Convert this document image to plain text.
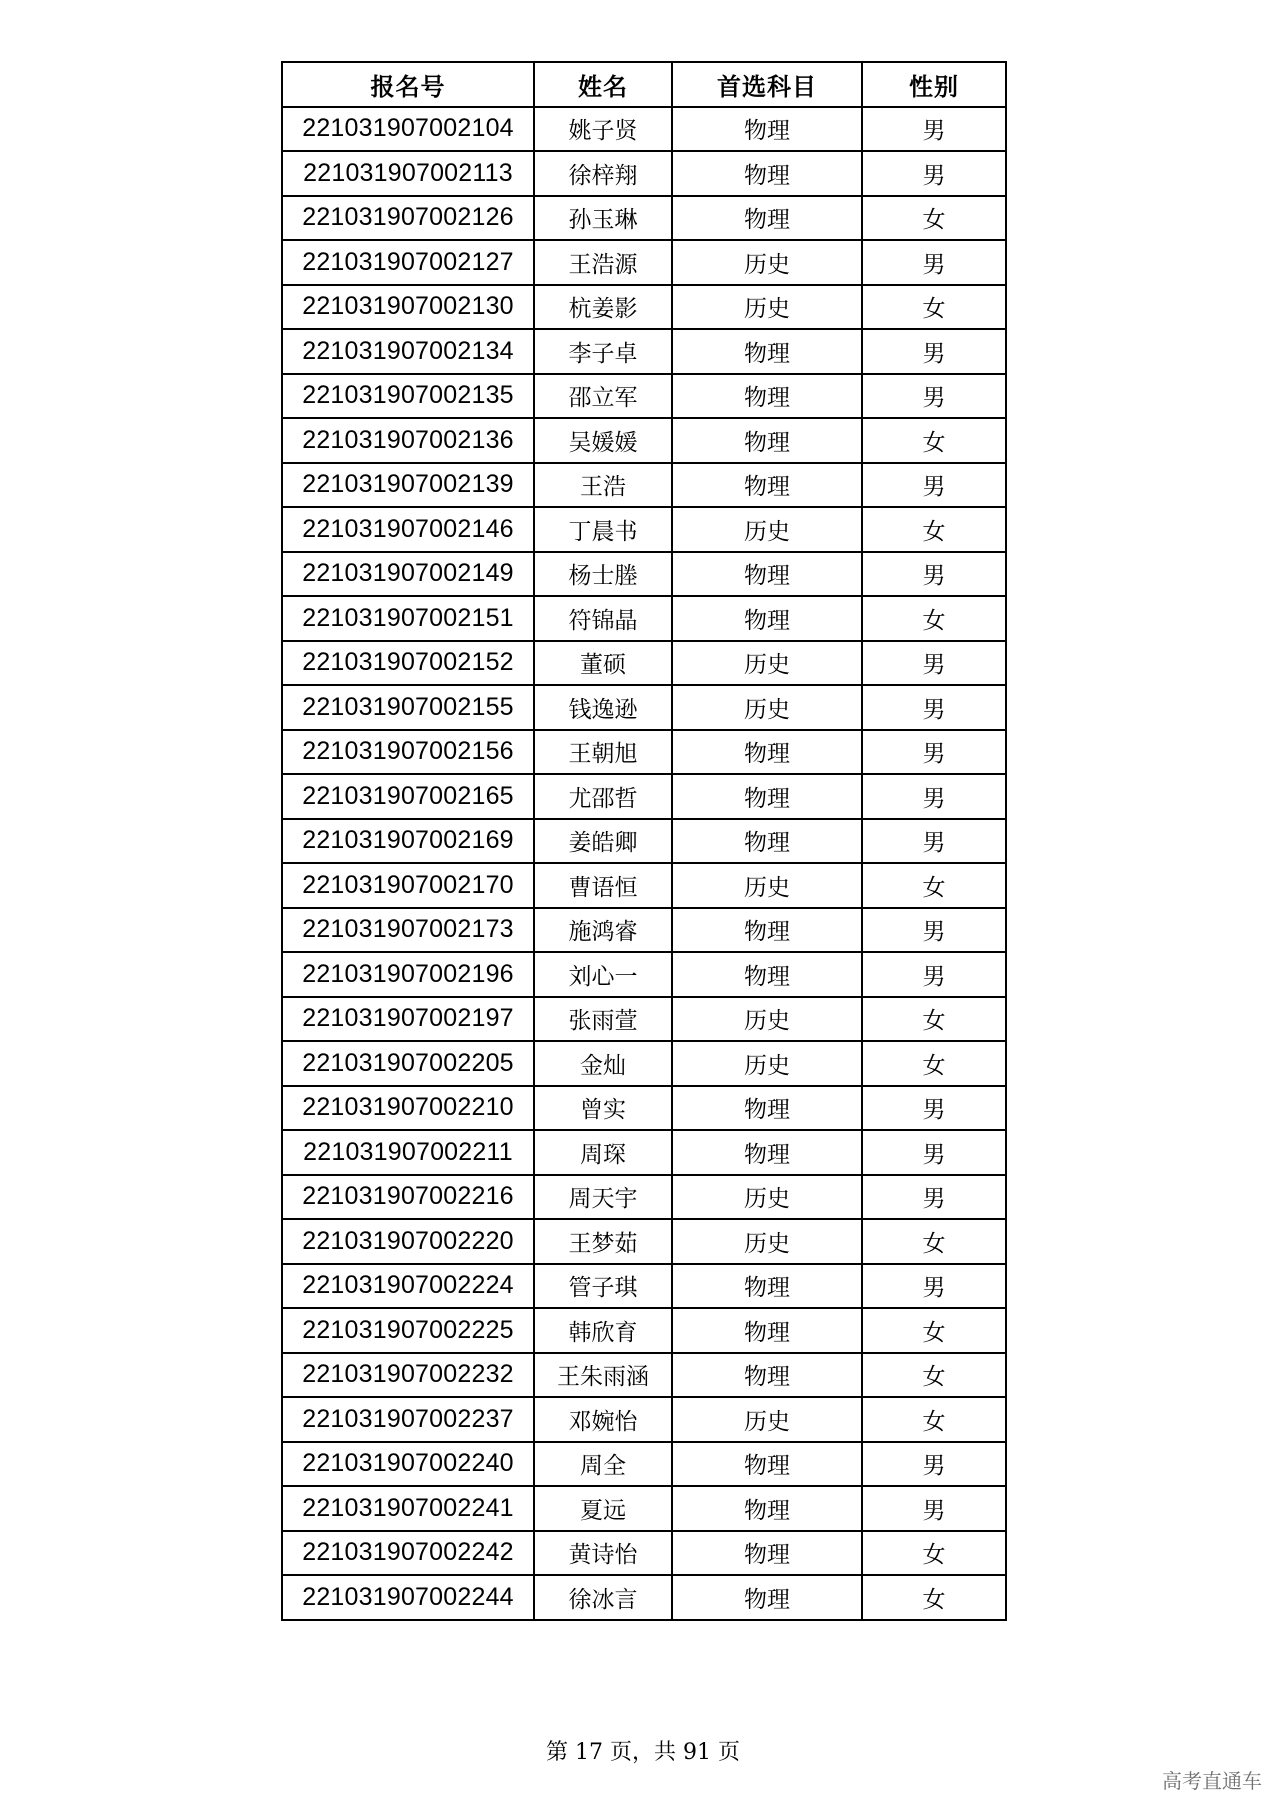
报名号	姓名	首选科目	性别
221031907002104	姚子贤	物理	男
221031907002113	徐梓翔	物理	男
221031907002126	孙玉琳	物理	女
221031907002127	王浩源	历史	男
221031907002130	杭姜影	历史	女
221031907002134	李子卓	物理	男
221031907002135	邵立军	物理	男
221031907002136	吴媛媛	物理	女
221031907002139	王浩	物理	男
221031907002146	丁晨书	历史	女
221031907002149	杨士塍	物理	男
221031907002151	符锦晶	物理	女
221031907002152	董硕	历史	男
221031907002155	钱逸逊	历史	男
221031907002156	王朝旭	物理	男
221031907002165	尤邵哲	物理	男
221031907002169	姜皓卿	物理	男
221031907002170	曹语恒	历史	女
221031907002173	施鸿睿	物理	男
221031907002196	刘心一	物理	男
221031907002197	张雨萱	历史	女
221031907002205	金灿	历史	女
221031907002210	曾实	物理	男
221031907002211	周琛	物理	男
221031907002216	周天宇	历史	男
221031907002220	王梦茹	历史	女
221031907002224	管子琪	物理	男
221031907002225	韩欣育	物理	女
221031907002232	王朱雨涵	物理	女
221031907002237	邓婉怡	历史	女
221031907002240	周全	物理	男
221031907002241	夏远	物理	男
221031907002242	黄诗怡	物理	女
221031907002244	徐冰言	物理	女
第 17 页，共 91 页
高考直通车
